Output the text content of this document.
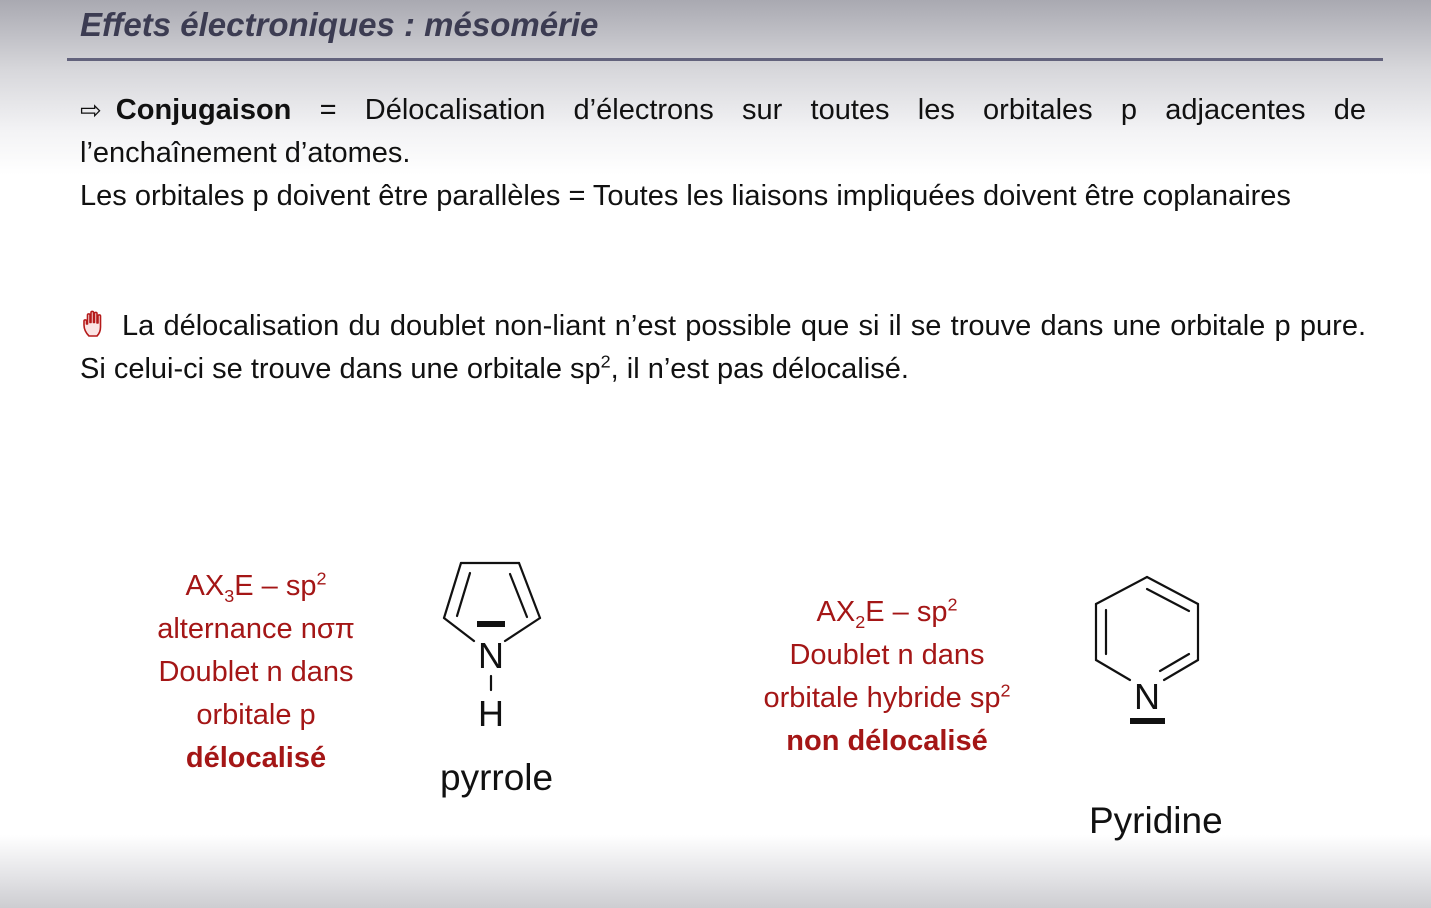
Effets électroniques : mésomérie

⇨ Conjugaison = Délocalisation d’électrons sur toutes les orbitales p adjacentes de l’enchaînement d’atomes.
Les orbitales p doivent être parallèles = Toutes les liaisons impliquées doivent être coplanaires

La délocalisation du doublet non-liant n’est possible que si il se trouve dans une orbitale p pure. Si celui-ci se trouve dans une orbitale $sp^2$, il n’est pas délocalisé.

$AX_3E - sp^2$
alternance nσπ
Doublet n dans
orbitale p
délocalisé
$AX_2E - sp^2$
Doublet n dans
orbitale hybride $sp^2$
non délocalisé
N
H
pyrrole
N
Pyridine
